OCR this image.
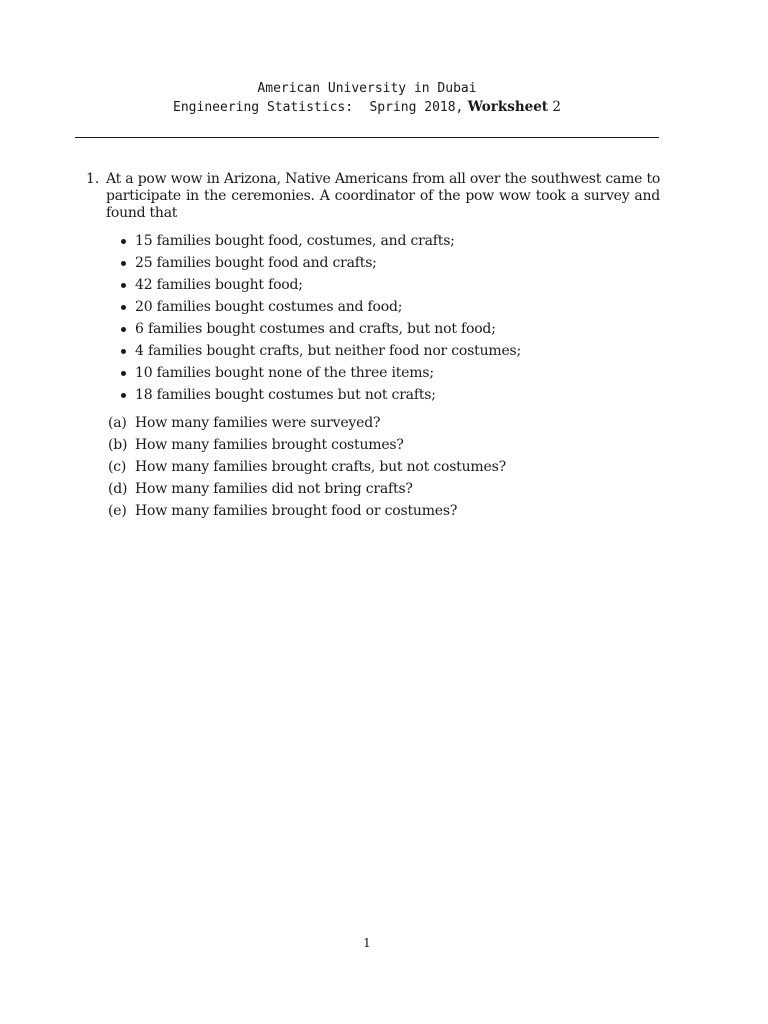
American University in Dubai
Engineering Statistics: Spring 2018, Worksheet 2
1. At a pow wow in Arizona, Native Americans from all over the southwest came to participate in the ceremonies. A coordinator of the pow wow took a survey and found that
15 families bought food, costumes, and crafts;
25 families bought food and crafts;
42 families bought food;
20 families bought costumes and food;
6 families bought costumes and crafts, but not food;
4 families bought crafts, but neither food nor costumes;
10 families bought none of the three items;
18 families bought costumes but not crafts;
(a) How many families were surveyed?
(b) How many families brought costumes?
(c) How many families brought crafts, but not costumes?
(d) How many families did not bring crafts?
(e) How many families brought food or costumes?
1
